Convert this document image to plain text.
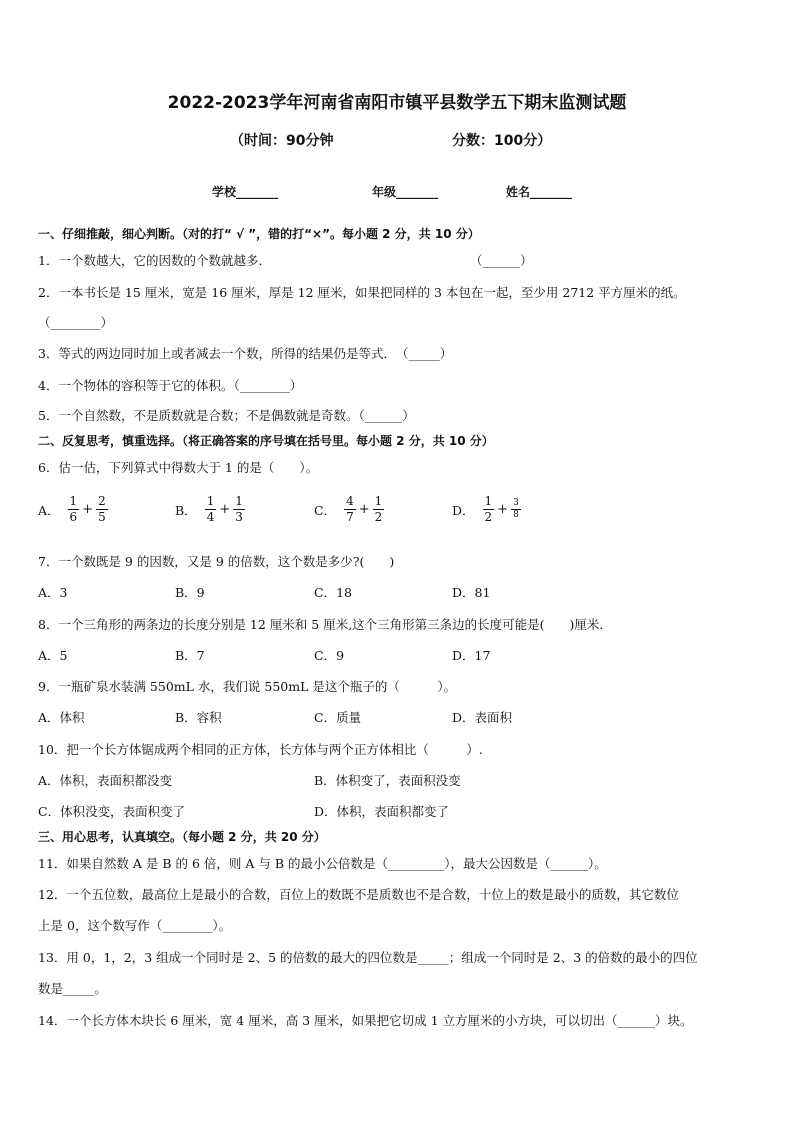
2022-2023学年河南省南阳市镇平县数学五下期末监测试题
（时间：90分钟	分数：100分）
学校_______	年级_______	姓名_______
一、仔细推敲，细心判断。（对的打“ √ ”，错的打“×”。每小题 2 分，共 10 分）
1．一个数越大，它的因数的个数就越多．	（______）
2．一本书长是 15 厘米，宽是 16 厘米，厚是 12 厘米，如果把同样的 3 本包在一起，至少用 2712 平方厘米的纸。
（________）
3．等式的两边同时加上或者减去一个数，所得的结果仍是等式．　（_____）
4．一个物体的容积等于它的体积。（________）
5．一个自然数，不是质数就是合数；不是偶数就是奇数。（______）
二、反复思考，慎重选择。（将正确答案的序号填在括号里。每小题 2 分，共 10 分）
6．估一估，下列算式中得数大于 1 的是（　　）。
A． $\frac{1}{6} + \frac{2}{5}$	B． $\frac{1}{4} + \frac{1}{3}$	C． $\frac{4}{7} + \frac{1}{2}$	D． $\frac{1}{2} + \frac{3}{8}$
7．一个数既是 9 的因数，又是 9 的倍数，这个数是多少?(　　)
A．3	B．9	C．18	D．81
8．一个三角形的两条边的长度分别是 12 厘米和 5 厘米,这个三角形第三条边的长度可能是(　　)厘米．
A．5	B．7	C．9	D．17
9．一瓶矿泉水装满 550mL 水，我们说 550mL 是这个瓶子的（　　　）。
A．体积	B．容积	C．质量	D．表面积
10．把一个长方体锯成两个相同的正方体，长方体与两个正方体相比（　　　）.
A．体积，表面积都没变	B．体积变了，表面积没变
C．体积没变，表面积变了	D．体积，表面积都变了
三、用心思考，认真填空。（每小题 2 分，共 20 分）
11．如果自然数 A 是 B 的 6 倍，则 A 与 B 的最小公倍数是（_________），最大公因数是（______）。
12．一个五位数，最高位上是最小的合数，百位上的数既不是质数也不是合数，十位上的数是最小的质数，其它数位
上是 0，这个数写作（________）。
13．用 0，1，2，3 组成一个同时是 2、5 的倍数的最大的四位数是_____；组成一个同时是 2、3 的倍数的最小的四位
数是_____。
14．一个长方体木块长 6 厘米，宽 4 厘米，高 3 厘米，如果把它切成 1 立方厘米的小方块，可以切出（______）块。
